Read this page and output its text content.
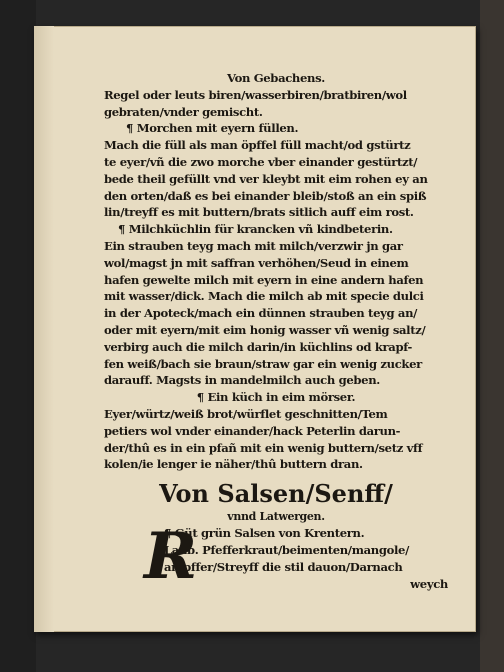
Von Gebachens.
Regel oder leuts biren/wasserbiren/bratbiren/wol
gebraten/vnder gemischt.
¶ Morchen mit eyern füllen.
Mach die füll als man öpffel füll macht/od gstürtz
te eyer/vñ die zwo morche vber einander gestürtzt/
bede theil gefüllt vnd ver kleybt mit eim rohen ey an
den orten/daß es bei einander bleib/stoß an ein spiß
lin/treyff es mit buttern/brats sitlich auff eim rost.
¶ Milchküchlin für krancken vñ kindbeterin.
Ein strauben teyg mach mit milch/verzwir jn gar
wol/magst jn mit saffran verhöhen/Seud in einem
hafen gewelte milch mit eyern in eine andern hafen
mit wasser/dick. Mach die milch ab mit specie dulci
in der Apoteck/mach ein dünnen strauben teyg an/
oder mit eyern/mit eim honig wasser vñ wenig saltz/
verbirg auch die milch darin/in küchlins od krapf-
fen weiß/bach sie braun/straw gar ein wenig zucker
darauff. Magsts in mandelmilch auch geben.
¶ Ein küch in eim mörser.
Eyer/würtz/weiß brot/würflet geschnitten/Tem
petiers wol vnder einander/hack Peterlin darun-
der/thû es in ein pfañ mit ein wenig buttern/setz vff
kolen/ie lenger ie näher/thû buttern dran.
Von Salsen/Senff/
vnnd Latwergen.
R
¶ Güt grün Salsen von Krentern.
Laub. Pfefferkraut/beimenten/mangole/
ampffer/Streyff die stil dauon/Darnach
weych
